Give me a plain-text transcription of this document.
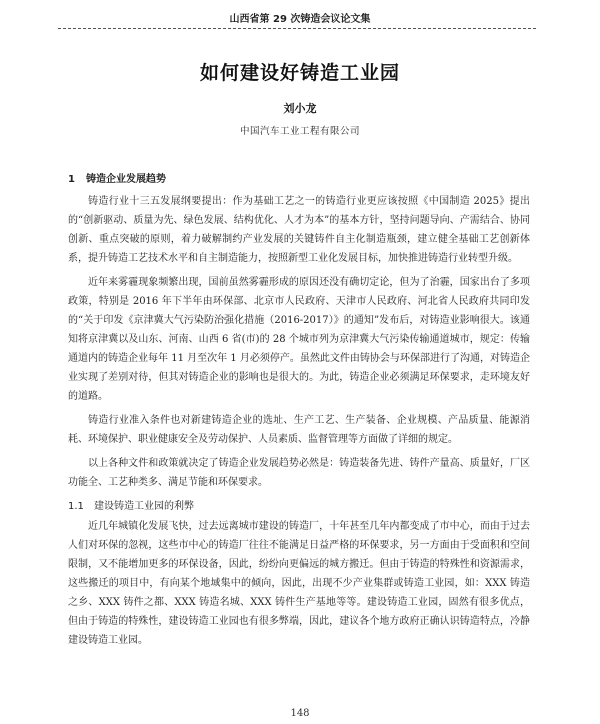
山西省第 29 次铸造会议论文集
如何建设好铸造工业园
刘小龙
中国汽车工业工程有限公司
1 铸造企业发展趋势

铸造行业十三五发展纲要提出：作为基础工艺之一的铸造行业更应该按照《中国制造 2025》提出的“创新驱动、质量为先、绿色发展、结构优化、人才为本”的基本方针，坚持问题导向、产需结合、协同创新、重点突破的原则，着力破解制约产业发展的关键铸件自主化制造瓶颈，建立健全基础工艺创新体系，提升铸造工艺技术水平和自主制造能力，按照新型工业化发展目标，加快推进铸造行业转型升级。

近年来雾霾现象频繁出现，国前虽然雾霾形成的原因还没有确切定论，但为了治霾，国家出台了多项政策，特别是 2016 年下半年由环保部、北京市人民政府、天津市人民政府、河北省人民政府共同印发的“关于印发《京津冀大气污染防治强化措施（2016-2017）》的通知”发布后，对铸造业影响很大。该通知将京津冀以及山东、河南、山西 6 省(市)的 28 个城市列为京津冀大气污染传输通道城市，规定：传输通道内的铸造企业每年 11 月至次年 1 月必须停产。虽然此文件由铸协会与环保部进行了沟通，对铸造企业实现了差别对待，但其对铸造企业的影响也是很大的。为此，铸造企业必须满足环保要求，走环境友好的道路。

铸造行业准入条件也对新建铸造企业的选址、生产工艺、生产装备、企业规模、产品质量、能源消耗、环境保护、职业健康安全及劳动保护、人员素质、监督管理等方面做了详细的规定。

以上各种文件和政策就决定了铸造企业发展趋势必然是：铸造装备先进、铸件产量高、质量好，厂区功能全、工艺种类多、满足节能和环保要求。

1.1 建设铸造工业园的利弊

近几年城镇化发展飞快，过去远离城市建设的铸造厂，十年甚至几年内都变成了市中心，而由于过去人们对环保的忽视，这些市中心的铸造厂往往不能满足日益严格的环保要求，另一方面由于受面积和空间限制，又不能增加更多的环保设备，因此，纷纷向更偏远的城方搬迁。但由于铸造的特殊性和资源需求，这些搬迁的项目中，有向某个地域集中的倾向，因此，出现不少产业集群或铸造工业园，如：XXX 铸造之乡、XXX 铸件之都、XXX 铸造名城、XXX 铸件生产基地等等。建设铸造工业园，固然有很多优点，但由于铸造的特殊性，建设铸造工业园也有很多弊端，因此，建议各个地方政府正确认识铸造特点，冷静建设铸造工业园。

148
